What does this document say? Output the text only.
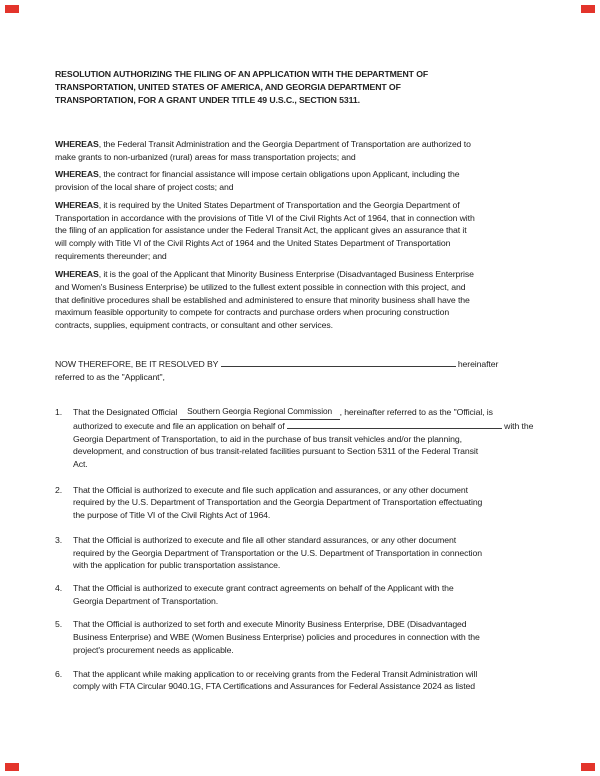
RESOLUTION AUTHORIZING THE FILING OF AN APPLICATION WITH THE DEPARTMENT OF
TRANSPORTATION, UNITED STATES OF AMERICA, AND GEORGIA DEPARTMENT OF
TRANSPORTATION, FOR A GRANT UNDER TITLE 49 U.S.C., SECTION 5311.
WHEREAS, the Federal Transit Administration and the Georgia Department of Transportation are authorized to
make grants to non-urbanized (rural) areas for mass transportation projects; and
WHEREAS, the contract for financial assistance will impose certain obligations upon Applicant, including the
provision of the local share of project costs; and
WHEREAS, it is required by the United States Department of Transportation and the Georgia Department of
Transportation in accordance with the provisions of Title VI of the Civil Rights Act of 1964, that in connection with
the filing of an application for assistance under the Federal Transit Act, the applicant gives an assurance that it
will comply with Title VI of the Civil Rights Act of 1964 and the United States Department of Transportation
requirements thereunder; and
WHEREAS, it is the goal of the Applicant that Minority Business Enterprise (Disadvantaged Business Enterprise
and Women's Business Enterprise) be utilized to the fullest extent possible in connection with this project, and
that definitive procedures shall be established and administered to ensure that minority business shall have the
maximum feasible opportunity to compete for contracts and purchase orders when procuring construction
contracts, supplies, equipment contracts, or consultant and other services.
NOW THEREFORE, BE IT RESOLVED BY	hereinafter
referred to as the "Applicant",
1.	That the Designated Official Southern Georgia Regional Commission , hereinafter referred to as the "Official, is
authorized to execute and file an application on behalf of	with the
Georgia Department of Transportation, to aid in the purchase of bus transit vehicles and/or the planning,
development, and construction of bus transit-related facilities pursuant to Section 5311 of the Federal Transit
Act.
2.	That the Official is authorized to execute and file such application and assurances, or any other document
required by the U.S. Department of Transportation and the Georgia Department of Transportation effectuating
the purpose of Title VI of the Civil Rights Act of 1964.
3.	That the Official is authorized to execute and file all other standard assurances, or any other document
required by the Georgia Department of Transportation or the U.S. Department of Transportation in connection
with the application for public transportation assistance.
4.	That the Official is authorized to execute grant contract agreements on behalf of the Applicant with the
Georgia Department of Transportation.
5.	That the Official is authorized to set forth and execute Minority Business Enterprise, DBE (Disadvantaged
Business Enterprise) and WBE (Women Business Enterprise) policies and procedures in connection with the
project's procurement needs as applicable.
6.	That the applicant while making application to or receiving grants from the Federal Transit Administration will
comply with FTA Circular 9040.1G, FTA Certifications and Assurances for Federal Assistance 2024 as listed
